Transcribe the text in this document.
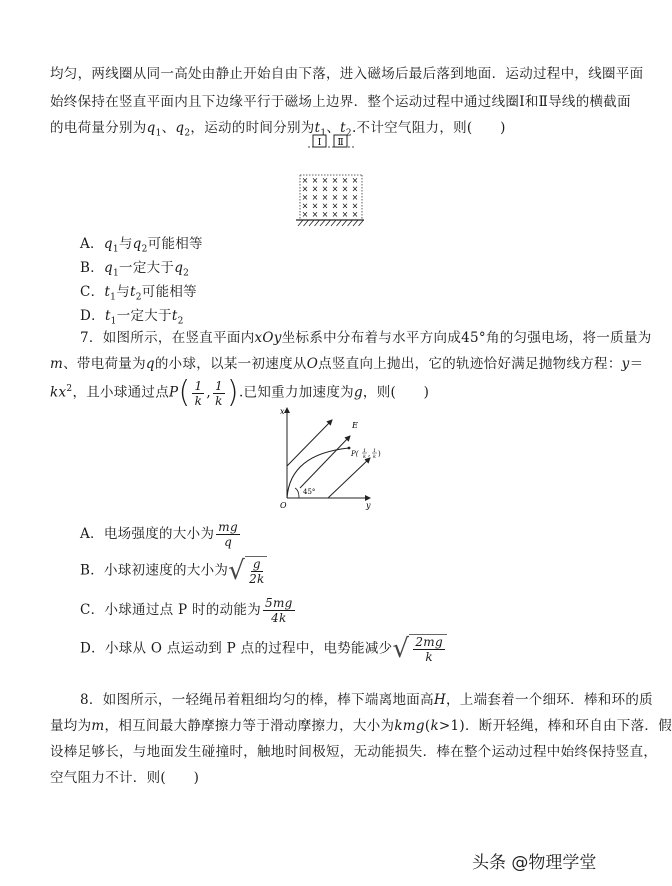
均匀，两线圈从同一高处由静止开始自由下落，进入磁场后最后落到地面．运动过程中，线圈平面
始终保持在竖直平面内且下边缘平行于磁场上边界．整个运动过程中通过线圈Ⅰ和Ⅱ导线的横截面
的电荷量分别为$q_1$、$q_2$，运动的时间分别为$t_1$、$t_2$.不计空气阻力，则(　　)
Ⅰ Ⅱ
× × × × × ×
× × × × × ×
× × × × × ×
× × × × × ×
× × × × × ×
A．$q_1$与$q_2$可能相等
B．$q_1$一定大于$q_2$
C．$t_1$与$t_2$可能相等
D．$t_1$一定大于$t_2$
7．如图所示，在竖直平面内xOy坐标系中分布着与水平方向成45°角的匀强电场，将一质量为
m、带电荷量为q的小球，以某一初速度从O点竖直向上抛出，它的轨迹恰好满足抛物线方程：y＝
$kx^2$，且小球通过点$P( \frac{1}{k}$ , $\frac{1}{k}$ ).已知重力加速度为g，则(　　)
x
y
O
E
P( 1
k , 1
k )
45°
A．电场强度的大小为 $\frac{mg}{q}$
B．小球初速度的大小为 √ $\frac{g}{2k}$
C．小球通过点 P 时的动能为 $\frac{5mg}{4k}$
D．小球从 O 点运动到 P 点的过程中，电势能减少 √ $\frac{2mg}{k}$
8．如图所示，一轻绳吊着粗细均匀的棒，棒下端离地面高H，上端套着一个细环．棒和环的质
量均为m，相互间最大静摩擦力等于滑动摩擦力，大小为kmg(k>1)．断开轻绳，棒和环自由下落．假
设棒足够长，与地面发生碰撞时，触地时间极短，无动能损失．棒在整个运动过程中始终保持竖直，
空气阻力不计．则(　　)
头条 @物理学堂
